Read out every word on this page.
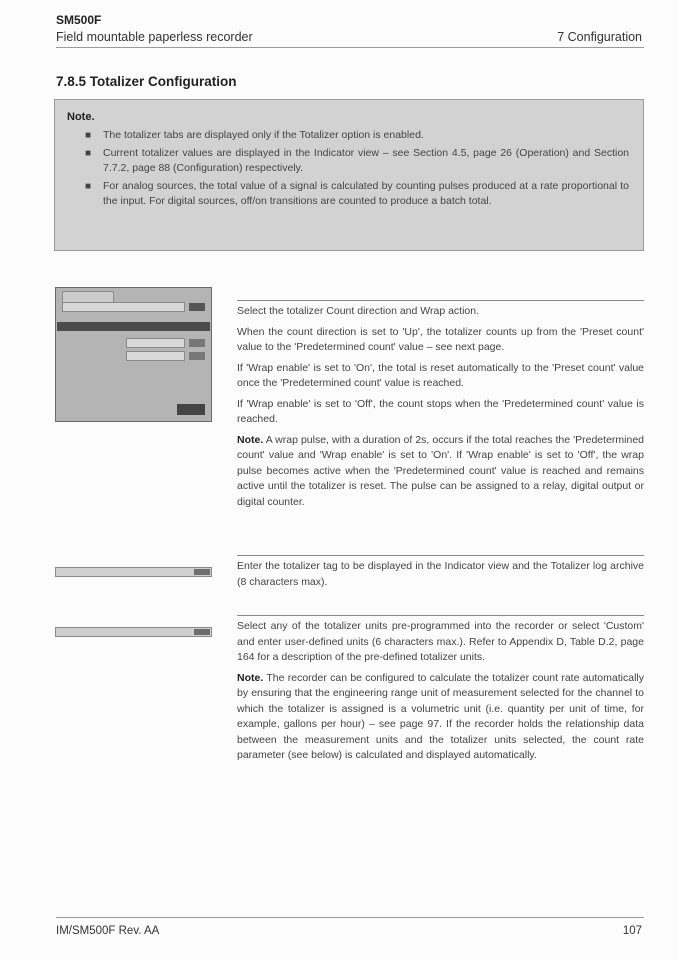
SM500F
Field mountable paperless recorder	7 Configuration
7.8.5 Totalizer Configuration
Note.
■ The totalizer tabs are displayed only if the Totalizer option is enabled.
■ Current totalizer values are displayed in the Indicator view – see Section 4.5, page 26 (Operation) and Section 7.7.2, page 88 (Configuration) respectively.
■ For analog sources, the total value of a signal is calculated by counting pulses produced at a rate proportional to the input. For digital sources, off/on transitions are counted to produce a batch total.

Select the totalizer Count direction and Wrap action.

When the count direction is set to 'Up', the totalizer counts up from the 'Preset count' value to the 'Predetermined count' value – see next page.

If 'Wrap enable' is set to 'On', the total is reset automatically to the 'Preset count' value once the 'Predetermined count' value is reached.

If 'Wrap enable' is set to 'Off', the count stops when the 'Predetermined count' value is reached.

Note. A wrap pulse, with a duration of 2s, occurs if the total reaches the 'Predetermined count' value and 'Wrap enable' is set to 'On'. If 'Wrap enable' is set to 'Off', the wrap pulse becomes active when the 'Predetermined count' value is reached and remains active until the totalizer is reset. The pulse can be assigned to a relay, digital output or digital counter.

Enter the totalizer tag to be displayed in the Indicator view and the Totalizer log archive (8 characters max).

Select any of the totalizer units pre-programmed into the recorder or select 'Custom' and enter user-defined units (6 characters max.). Refer to Appendix D, Table D.2, page 164 for a description of the pre-defined totalizer units.

Note. The recorder can be configured to calculate the totalizer count rate automatically by ensuring that the engineering range unit of measurement selected for the channel to which the totalizer is assigned is a volumetric unit (i.e. quantity per unit of time, for example, gallons per hour) – see page 97. If the recorder holds the relationship data between the measurement units and the totalizer units selected, the count rate parameter (see below) is calculated and displayed automatically.

IM/SM500F Rev. AA	107
